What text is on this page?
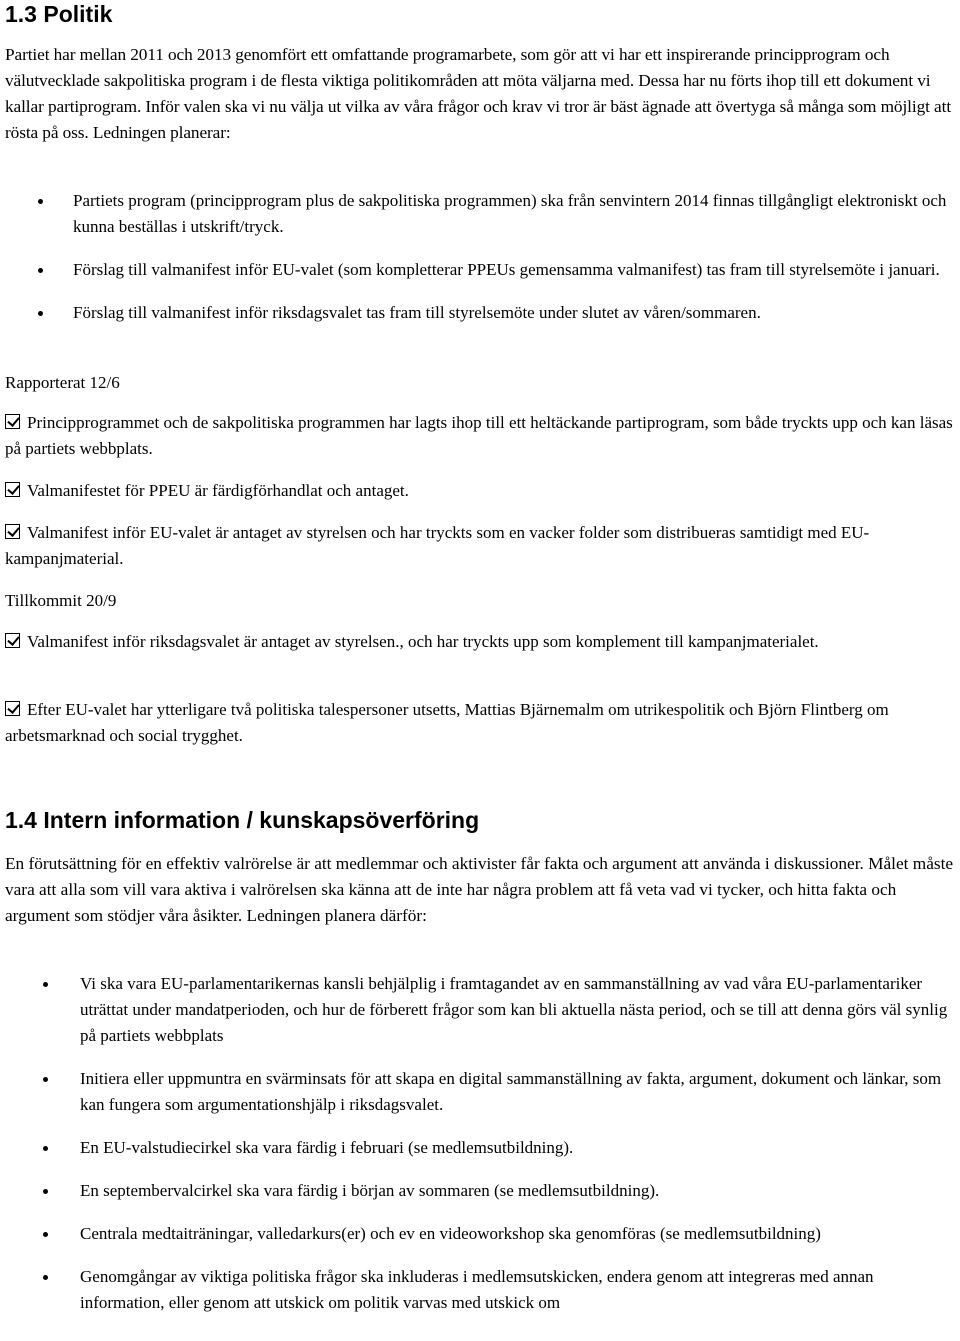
1.3 Politik

Partiet har mellan 2011 och 2013 genomfört ett omfattande programarbete, som gör att vi har ett inspirerande principprogram och välutvecklade sakpolitiska program i de flesta viktiga politikområden att möta väljarna med. Dessa har nu förts ihop till ett dokument vi kallar partiprogram. Inför valen ska vi nu välja ut vilka av våra frågor och krav vi tror är bäst ägnade att övertyga så många som möjligt att rösta på oss. Ledningen planerar:

Partiets program (principprogram plus de sakpolitiska programmen) ska från senvintern 2014 finnas tillgångligt elektroniskt och kunna beställas i utskrift/tryck.
Förslag till valmanifest inför EU-valet (som kompletterar PPEUs gemensamma valmanifest) tas fram till styrelsemöte i januari.
Förslag till valmanifest inför riksdagsvalet tas fram till styrelsemöte under slutet av våren/sommaren.

Rapporterat 12/6

Principprogrammet och de sakpolitiska programmen har lagts ihop till ett heltäckande partiprogram, som både tryckts upp och kan läsas på partiets webbplats.

Valmanifestet för PPEU är färdigförhandlat och antaget.

Valmanifest inför EU-valet är antaget av styrelsen och har tryckts som en vacker folder som distribueras samtidigt med EU-kampanjmaterial.

Tillkommit 20/9

Valmanifest inför riksdagsvalet är antaget av styrelsen., och har tryckts upp som komplement till kampanjmaterialet.

Efter EU-valet har ytterligare två politiska talespersoner utsetts, Mattias Bjärnemalm om utrikespolitik och Björn Flintberg om arbetsmarknad och social trygghet.

1.4 Intern information / kunskapsöverföring

En förutsättning för en effektiv valrörelse är att medlemmar och aktivister får fakta och argument att använda i diskussioner. Målet måste vara att alla som vill vara aktiva i valrörelsen ska känna att de inte har några problem att få veta vad vi tycker, och hitta fakta och argument som stödjer våra åsikter. Ledningen planera därför:

Vi ska vara EU-parlamentarikernas kansli behjälplig i framtagandet av en sammanställning av vad våra EU-parlamentariker uträttat under mandatperioden, och hur de förberett frågor som kan bli aktuella nästa period, och se till att denna görs väl synlig på partiets webbplats
Initiera eller uppmuntra en svärminsats för att skapa en digital sammanställning av fakta, argument, dokument och länkar, som kan fungera som argumentationshjälp i riksdagsvalet.
En EU-valstudiecirkel ska vara färdig i februari (se medlemsutbildning).
En septembervalcirkel ska vara färdig i början av sommaren (se medlemsutbildning).
Centrala medtaiträningar, valledarkurs(er) och ev en videoworkshop ska genomföras (se medlemsutbildning)
Genomgångar av viktiga politiska frågor ska inkluderas i medlemsutskicken, endera genom att integreras med annan information, eller genom att utskick om politik varvas med utskick om
